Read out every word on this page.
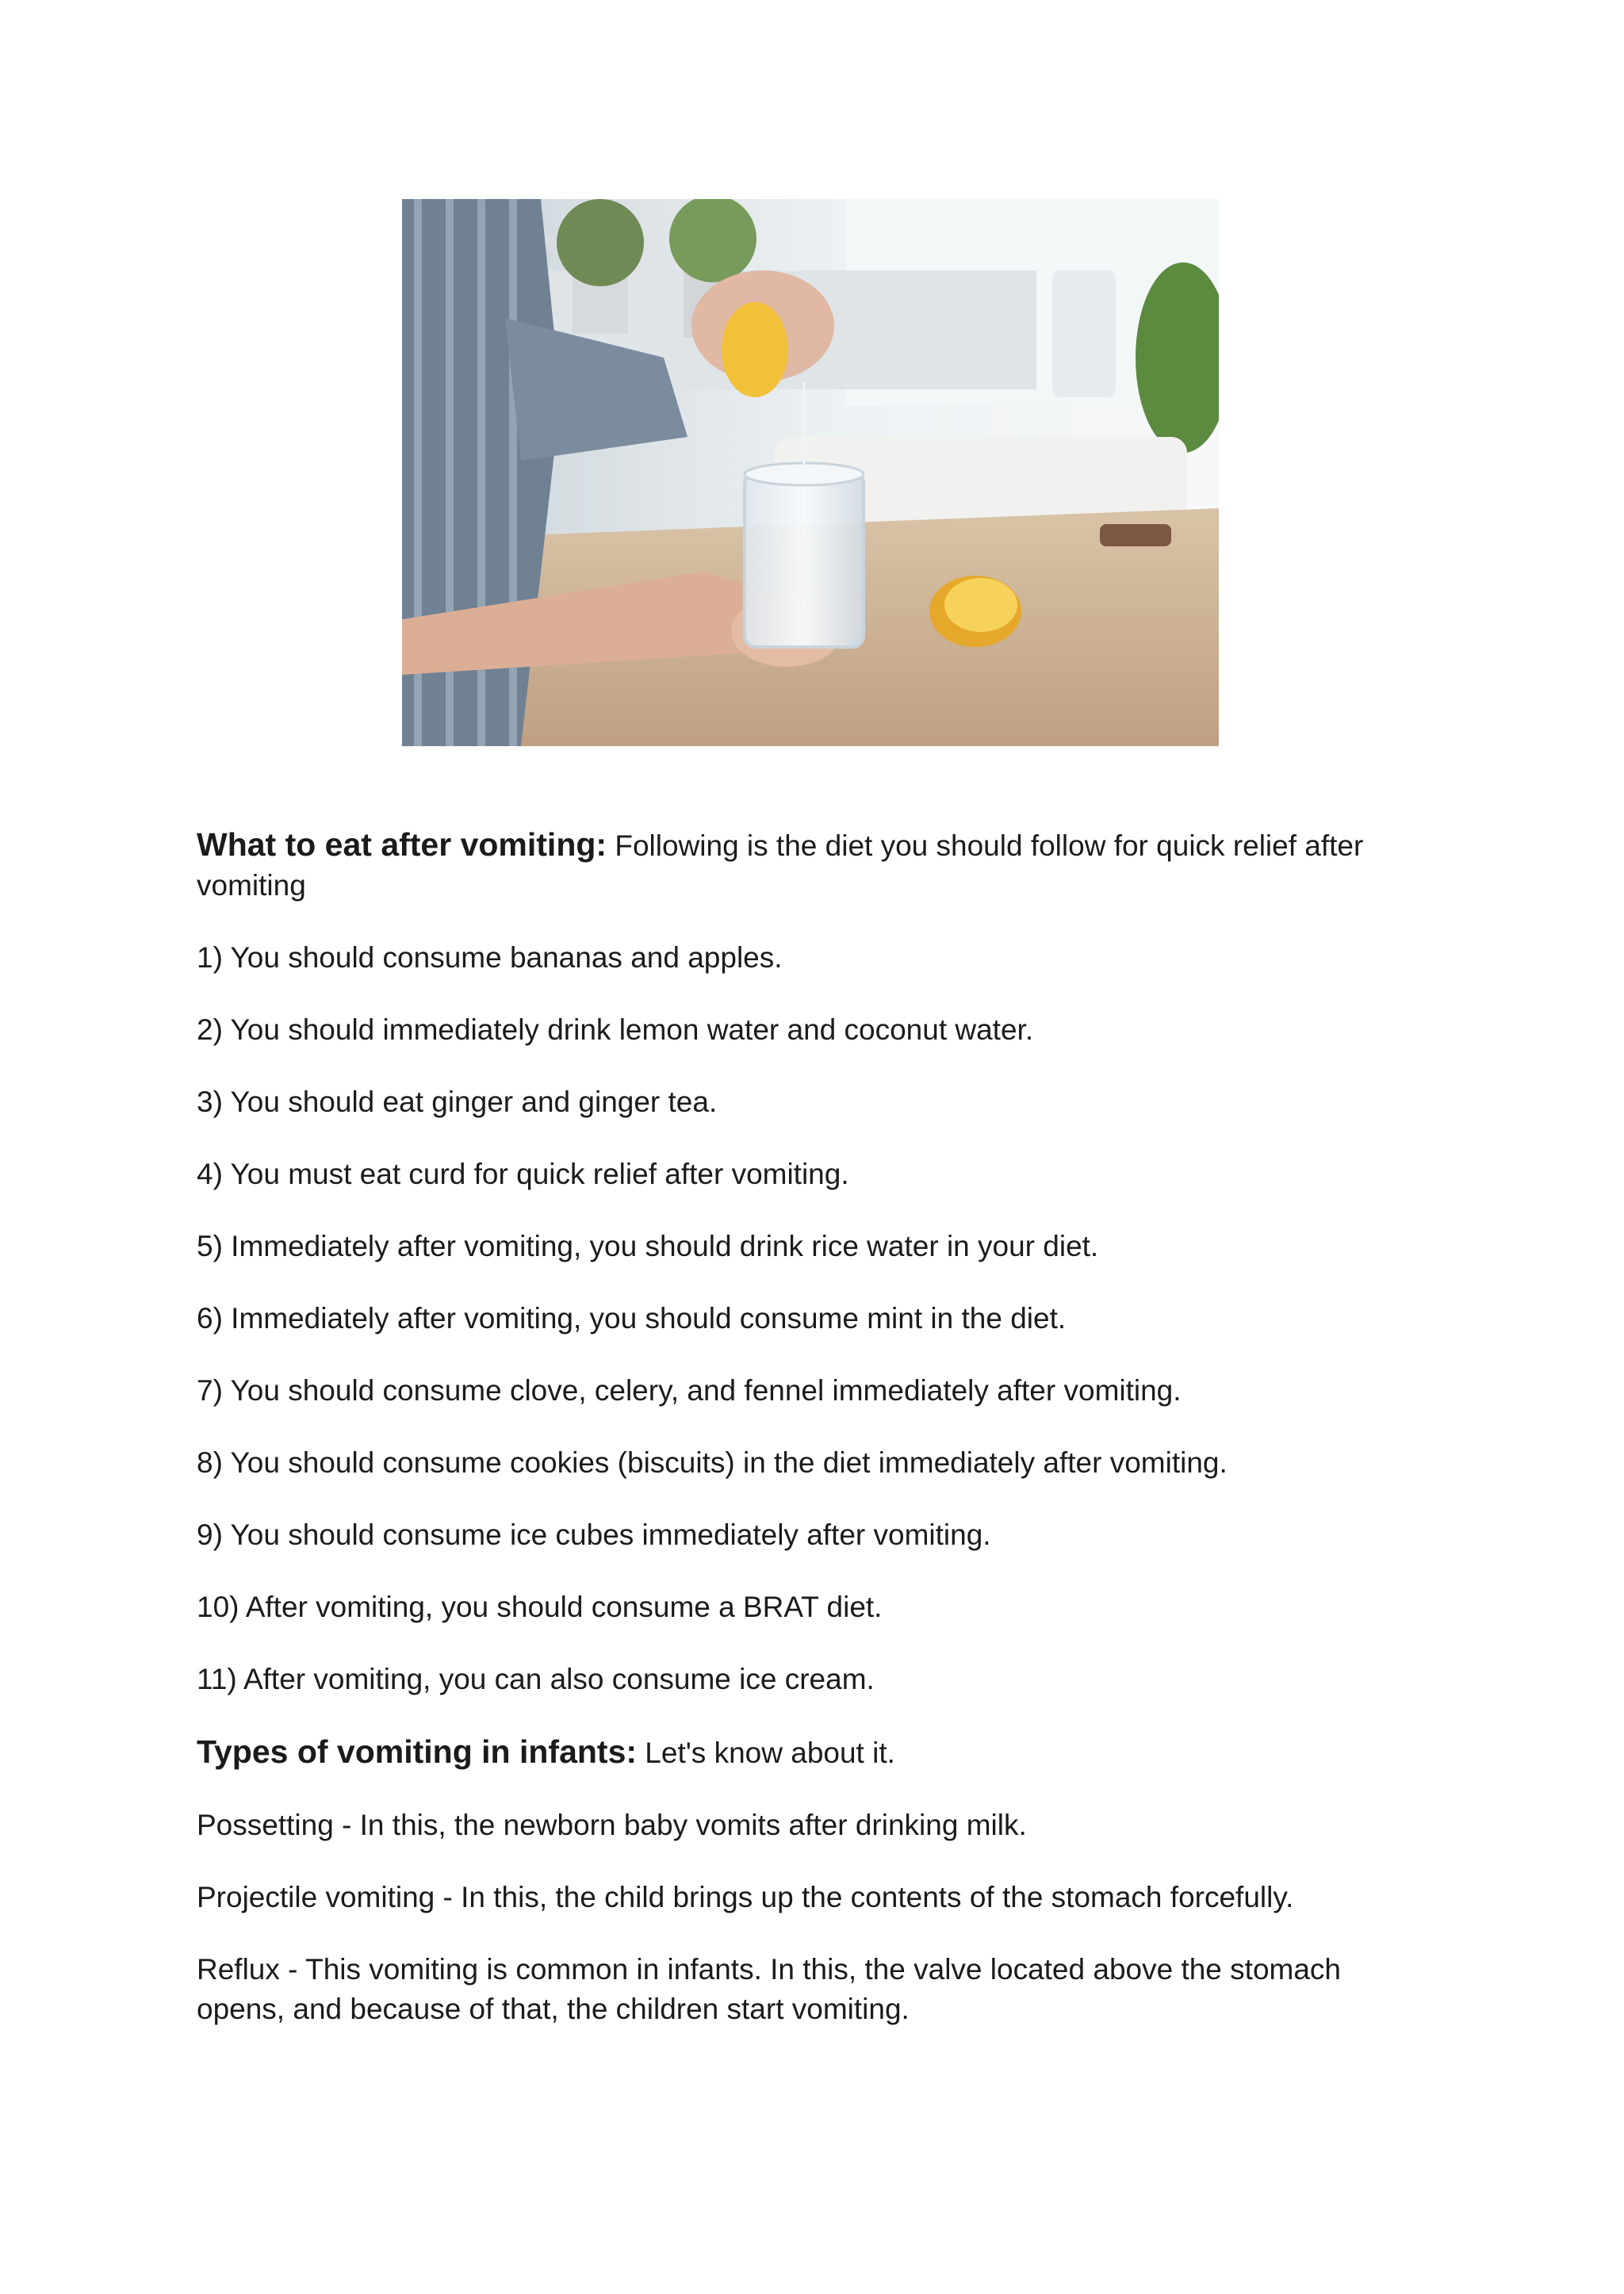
What to eat after vomiting: Following is the diet you should follow for quick relief after vomiting

1) You should consume bananas and apples.

2) You should immediately drink lemon water and coconut water.

3) You should eat ginger and ginger tea.

4) You must eat curd for quick relief after vomiting.

5) Immediately after vomiting, you should drink rice water in your diet.

6) Immediately after vomiting, you should consume mint in the diet.

7) You should consume clove, celery, and fennel immediately after vomiting.

8) You should consume cookies (biscuits) in the diet immediately after vomiting.

9) You should consume ice cubes immediately after vomiting.

10) After vomiting, you should consume a BRAT diet.

11) After vomiting, you can also consume ice cream.

Types of vomiting in infants: Let's know about it.

Possetting - In this, the newborn baby vomits after drinking milk.

Projectile vomiting - In this, the child brings up the contents of the stomach forcefully.

Reflux - This vomiting is common in infants. In this, the valve located above the stomach opens, and because of that, the children start vomiting.
